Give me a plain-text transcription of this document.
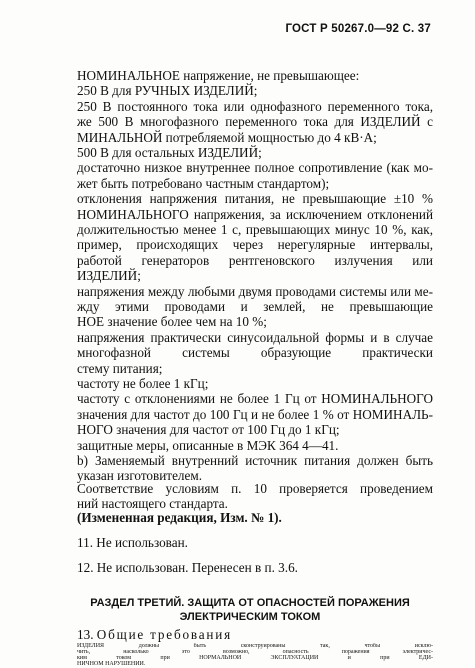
ГОСТ Р 50267.0—92 С. 37
НОМИНАЛЬНОЕ напряжение, не превышающее:
250 В для РУЧНЫХ ИЗДЕЛИЙ;
250 В постоянного тока или однофазного переменного тока,
же 500 В многофазного переменного тока для ИЗДЕЛИЙ с
МИНАЛЬНОЙ потребляемой мощностью до 4 кВ·А;
500 В для остальных ИЗДЕЛИЙ;
достаточно низкое внутреннее полное сопротивление (как мо-
жет быть потребовано частным стандартом);
отклонения напряжения питания, не превышающие ±10 %
НОМИНАЛЬНОГО напряжения, за исключением отклонений
должительностью менее 1 с, превышающих минус 10 %, как,
пример, происходящих через нерегулярные интервалы,
работой генераторов рентгеновского излучения или
ИЗДЕЛИЙ;
напряжения между любыми двумя проводами системы или ме-
жду этими проводами и землей, не превышающие
НОЕ значение более чем на 10 %;
напряжения практически синусоидальной формы и в случае
многофазной системы образующие практически
стему питания;
частоту не более 1 кГц;
частоту с отклонениями не более 1 Гц от НОМИНАЛЬНОГО
значения для частот до 100 Гц и не более 1 % от НОМИНАЛЬ-
НОГО значения для частот от 100 Гц до 1 кГц;
защитные меры, описанные в МЭК 364 4—41.
b) Заменяемый внутренний источник питания должен быть
указан изготовителем.
Соответствие условиям п. 10 проверяется проведением
ний настоящего стандарта.
(Измененная редакция, Изм. № 1).
11. Не использован.
12. Не использован. Перенесен в п. 3.6.
РАЗДЕЛ ТРЕТИЙ. ЗАЩИТА ОТ ОПАСНОСТЕЙ ПОРАЖЕНИЯ
ЭЛЕКТРИЧЕСКИМ ТОКОМ
13. Общие требования
ИЗДЕЛИЯ должны быть сконструированы так, чтобы исклю-
чить, насколько это возможно, опасность поражения электричес-
ким током при НОРМАЛЬНОЙ ЭКСПЛУАТАЦИИ и при ЕДИ-
НИЧНОМ НАРУШЕНИИ.
